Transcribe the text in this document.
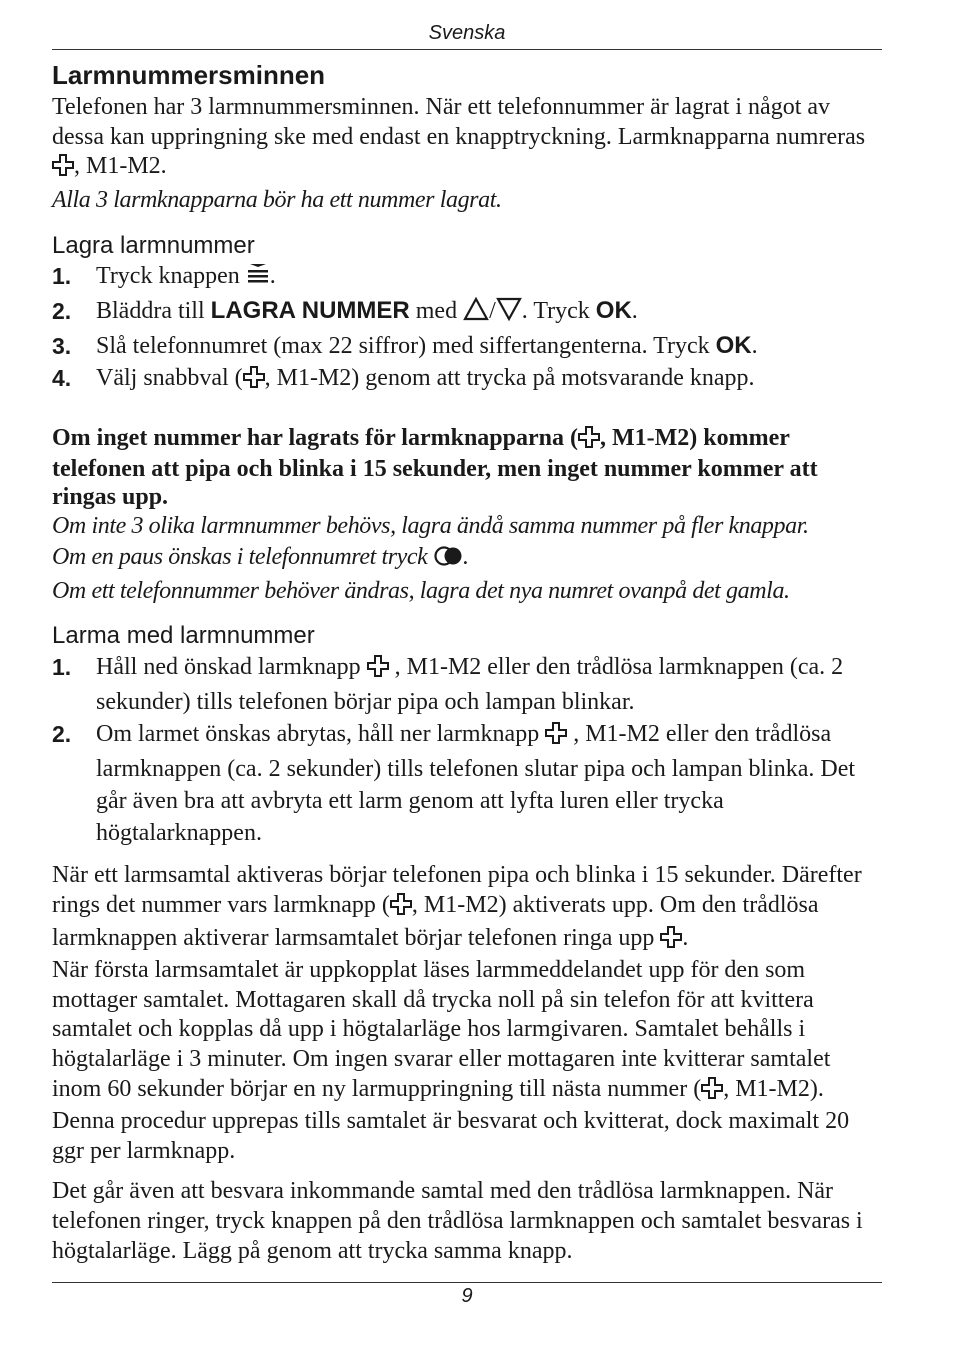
Svenska
Larmnummersminnen

Telefonen har 3 larmnummersminnen. När ett telefonnummer är lagrat i något av dessa kan uppringning ske med endast en knapptryckning. Larmknapparna numreras , M1-M2.

Alla 3 larmknapparna bör ha ett nummer lagrat.

Lagra larmnummer
1. Tryck knappen .
2. Bläddra till LAGRA NUMMER med / . Tryck OK.
3. Slå telefonnumret (max 22 siffror) med siffertangenterna. Tryck OK.
4. Välj snabbval ( , M1-M2) genom att trycka på motsvarande knapp.

Om inget nummer har lagrats för larmknapparna ( , M1-M2) kommer telefonen att pipa och blinka i 15 sekunder, men inget nummer kommer att ringas upp.

Om inte 3 olika larmnummer behövs, lagra ändå samma nummer på fler knappar.

Om en paus önskas i telefonnumret tryck .

Om ett telefonnummer behöver ändras, lagra det nya numret ovanpå det gamla.

Larma med larmnummer
1. Håll ned önskad larmknapp , M1-M2 eller den trådlösa larmknappen (ca. 2 sekunder) tills telefonen börjar pipa och lampan blinkar.
2. Om larmet önskas abrytas, håll ner larmknapp , M1-M2 eller den trådlösa larmknappen (ca. 2 sekunder) tills telefonen slutar pipa och lampan blinka. Det går även bra att avbryta ett larm genom att lyfta luren eller trycka högtalarknappen.

När ett larmsamtal aktiveras börjar telefonen pipa och blinka i 15 sekunder. Därefter rings det nummer vars larmknapp ( , M1-M2) aktiverats upp. Om den trådlösa larmknappen aktiverar larmsamtalet börjar telefonen ringa upp .

När första larmsamtalet är uppkopplat läses larmmeddelandet upp för den som mottager samtalet. Mottagaren skall då trycka noll på sin telefon för att kvittera samtalet och kopplas då upp i högtalarläge hos larmgivaren. Samtalet behålls i högtalarläge i 3 minuter. Om ingen svarar eller mottagaren inte kvitterar samtalet inom 60 sekunder börjar en ny larmuppringning till nästa nummer ( , M1-M2). Denna procedur upprepas tills samtalet är besvarat och kvitterat, dock maximalt 20 ggr per larmknapp.

Det går även att besvara inkommande samtal med den trådlösa larmknappen. När telefonen ringer, tryck knappen på den trådlösa larmknappen och samtalet besvaras i högtalarläge. Lägg på genom att trycka samma knapp.

9
